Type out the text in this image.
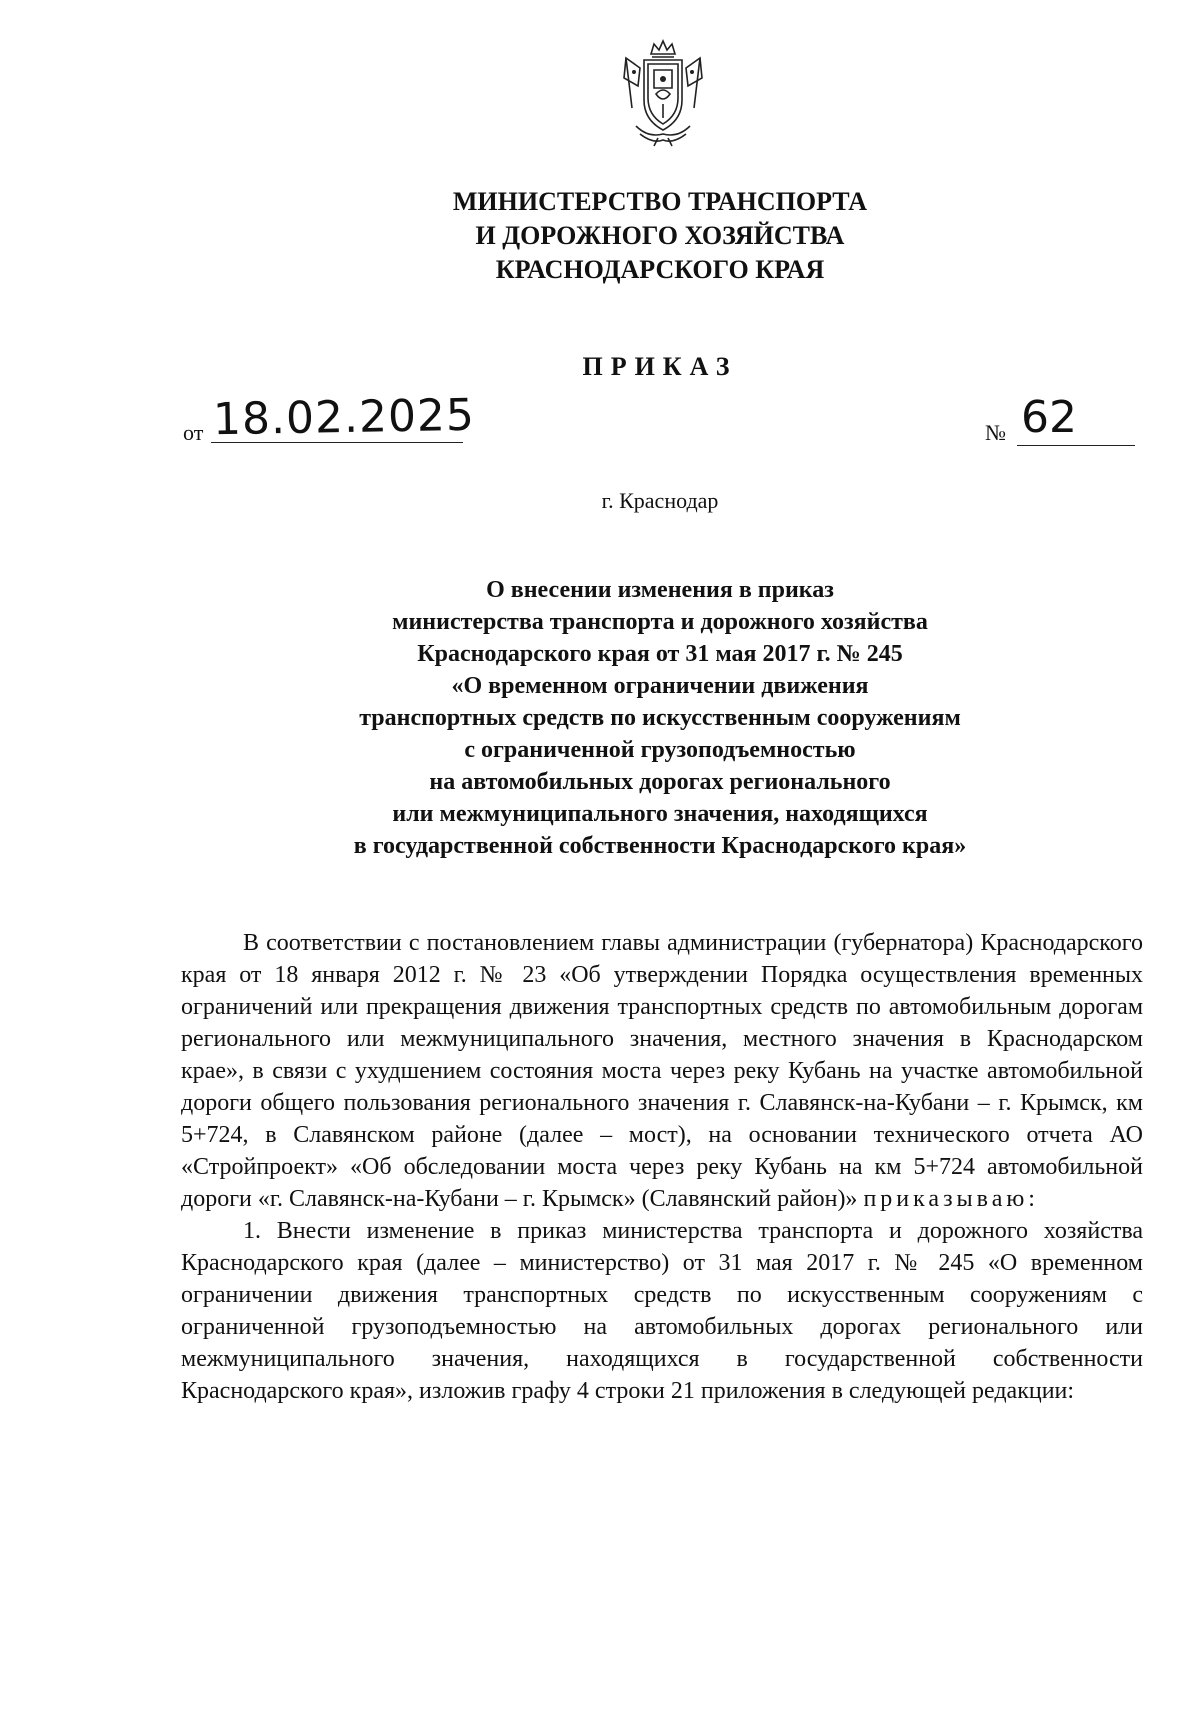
МИНИСТЕРСТВО ТРАНСПОРТА
И ДОРОЖНОГО ХОЗЯЙСТВА
КРАСНОДАРСКОГО КРАЯ
ПРИКАЗ
от 18.02.2025	№ 62
г. Краснодар
О внесении изменения в приказ
министерства транспорта и дорожного хозяйства
Краснодарского края от 31 мая 2017 г. № 245
«О временном ограничении движения
транспортных средств по искусственным сооружениям
с ограниченной грузоподъемностью
на автомобильных дорогах регионального
или межмуниципального значения, находящихся
в государственной собственности Краснодарского края»

В соответствии с постановлением главы администрации (губернатора) Краснодарского края от 18 января 2012 г. № 23 «Об утверждении Порядка осуществления временных ограничений или прекращения движения транспортных средств по автомобильным дорогам регионального или межмуниципального значения, местного значения в Краснодарском крае», в связи с ухудшением состояния моста через реку Кубань на участке автомобильной дороги общего пользования регионального значения г. Славянск-на-Кубани – г. Крымск, км 5+724, в Славянском районе (далее – мост), на основании технического отчета АО «Стройпроект» «Об обследовании моста через реку Кубань на км 5+724 автомобильной дороги «г. Славянск-на-Кубани – г. Крымск» (Славянский район)» приказываю:

1. Внести изменение в приказ министерства транспорта и дорожного хозяйства Краснодарского края (далее – министерство) от 31 мая 2017 г. № 245 «О временном ограничении движения транспортных средств по искусственным сооружениям с ограниченной грузоподъемностью на автомобильных дорогах регионального или межмуниципального значения, находящихся в государственной собственности Краснодарского края», изложив графу 4 строки 21 приложения в следующей редакции:
